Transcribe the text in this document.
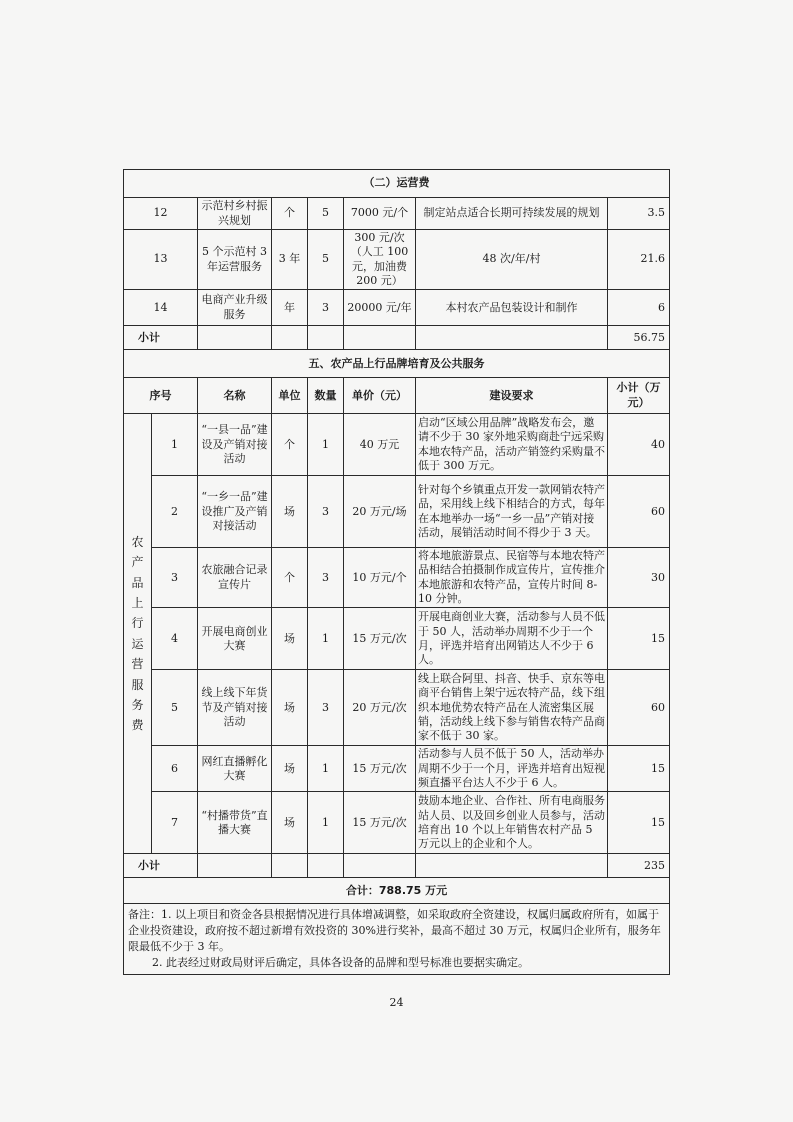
（二）运营费							
12		示范村乡村振兴规划	个	5	7000 元/个	制定站点适合长期可持续发展的规划	3.5
13		5 个示范村 3 年运营服务	3 年	5	300 元/次（人工 100 元，加油费 200 元）	48 次/年/村	21.6
14		电商产业升级服务	年	3	20000 元/年	本村农产品包装设计和制作	6
小计							56.75
五、农产品上行品牌培育及公共服务							
序号		名称	单位	数量	单价（元）	建设要求	小计（万元）
农产品上行运营服务费	1	“一县一品”建设及产销对接活动	个	1	40 万元	启动“区域公用品牌”战略发布会，邀请不少于 30 家外地采购商赴宁远采购本地农特产品，活动产销签约采购量不低于 300 万元。	40
	2	“一乡一品”建设推广及产销对接活动	场	3	20 万元/场	针对每个乡镇重点开发一款网销农特产品，采用线上线下相结合的方式，每年在本地举办一场“一乡一品”产销对接活动，展销活动时间不得少于 3 天。	60
	3	农旅融合记录宣传片	个	3	10 万元/个	将本地旅游景点、民宿等与本地农特产品相结合拍摄制作成宣传片，宣传推介本地旅游和农特产品，宣传片时间 8-10 分钟。	30
	4	开展电商创业大赛	场	1	15 万元/次	开展电商创业大赛，活动参与人员不低于 50 人，活动举办周期不少于一个月，评选并培育出网销达人不少于 6 人。	15
	5	线上线下年货节及产销对接活动	场	3	20 万元/次	线上联合阿里、抖音、快手、京东等电商平台销售上架宁远农特产品，线下组织本地优势农特产品在人流密集区展销，活动线上线下参与销售农特产品商家不低于 30 家。	60
	6	网红直播孵化大赛	场	1	15 万元/次	活动参与人员不低于 50 人，活动举办周期不少于一个月，评选并培育出短视频直播平台达人不少于 6 人。	15
	7	“村播带货”直播大赛	场	1	15 万元/次	鼓励本地企业、合作社、所有电商服务站人员、以及回乡创业人员参与，活动培育出 10 个以上年销售农村产品 5 万元以上的企业和个人。	15
小计							235
合计：788.75 万元							

备注：1. 以上项目和资金各县根据情况进行具体增减调整，如采取政府全资建设，权属归属政府所有，如属于企业投资建设，政府按不超过新增有效投资的 30%进行奖补，最高不超过 30 万元，权属归企业所有，服务年限最低不少于 3 年。
2. 此表经过财政局财评后确定，具体各设备的品牌和型号标准也要据实确定。							
24
